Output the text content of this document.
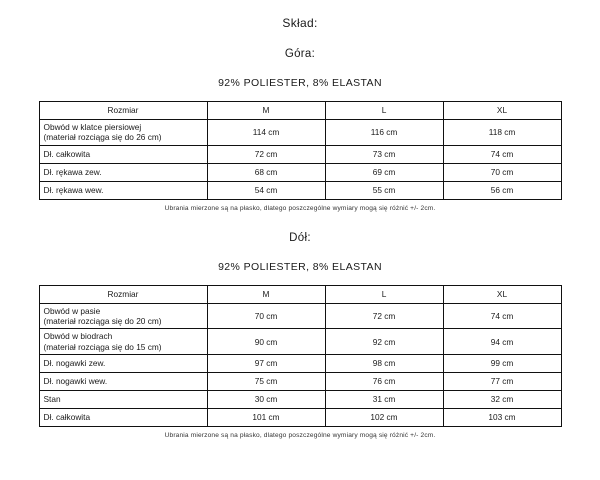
Skład:
Góra:
92% POLIESTER, 8% ELASTAN
Rozmiar	M	L	XL

Obwód w klatce piersiowej
(materiał rozciąga się do 26 cm)	114 cm	116 cm	118 cm
Dł. całkowita	72 cm	73 cm	74 cm
Dł. rękawa zew.	68 cm	69 cm	70 cm
Dł. rękawa wew.	54 cm	55 cm	56 cm
Ubrania mierzone są na płasko, dlatego poszczególne wymiary mogą się różnić +/- 2cm.
Dół:
92% POLIESTER, 8% ELASTAN
Rozmiar	M	L	XL

Obwód w pasie
(materiał rozciąga się do 20 cm)	70 cm	72 cm	74 cm

Obwód w biodrach
(materiał rozciąga się do 15 cm)	90 cm	92 cm	94 cm
Dł. nogawki zew.	97 cm	98 cm	99 cm
Dł. nogawki wew.	75 cm	76 cm	77 cm
Stan	30 cm	31 cm	32 cm
Dł. całkowita	101 cm	102 cm	103 cm
Ubrania mierzone są na płasko, dlatego poszczególne wymiary mogą się różnić +/- 2cm.
